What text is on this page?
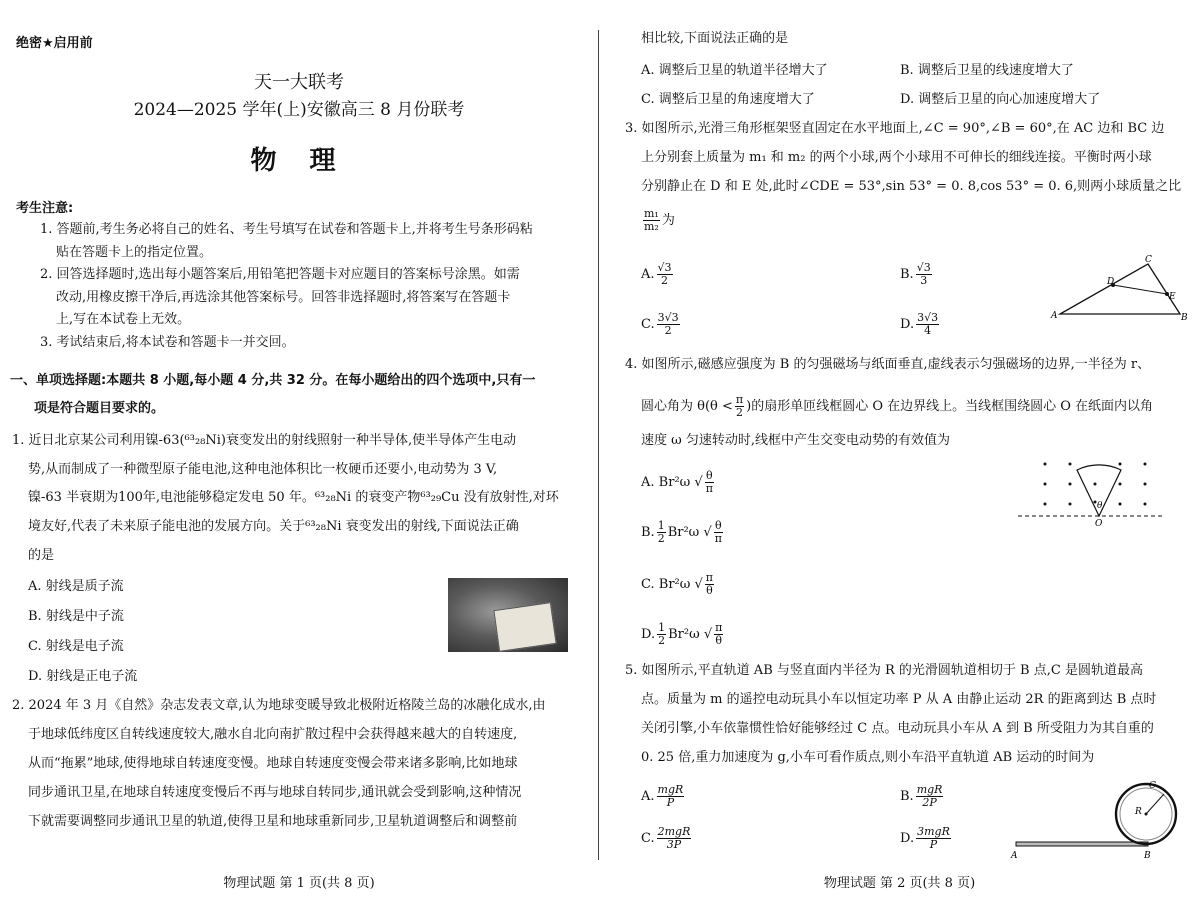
绝密★启用前
天一大联考
2024—2025 学年(上)安徽高三 8 月份联考
物 理
考生注意:
1. 答题前,考生务必将自己的姓名、考生号填写在试卷和答题卡上,并将考生号条形码粘
贴在答题卡上的指定位置。
2. 回答选择题时,选出每小题答案后,用铅笔把答题卡对应题目的答案标号涂黑。如需
改动,用橡皮擦干净后,再选涂其他答案标号。回答非选择题时,将答案写在答题卡
上,写在本试卷上无效。
3. 考试结束后,将本试卷和答题卡一并交回。
一、单项选择题:本题共 8 小题,每小题 4 分,共 32 分。在每小题给出的四个选项中,只有一
项是符合题目要求的。
1. 近日北京某公司利用镍-63(⁶³₂₈Ni)衰变发出的射线照射一种半导体,使半导体产生电动
势,从而制成了一种微型原子能电池,这种电池体积比一枚硬币还要小,电动势为 3 V,
镍-63 半衰期为100年,电池能够稳定发电 50 年。⁶³₂₈Ni 的衰变产物⁶³₂₉Cu 没有放射性,对环
境友好,代表了未来原子能电池的发展方向。关于⁶³₂₈Ni 衰变发出的射线,下面说法正确
的是
A. 射线是质子流
B. 射线是中子流
C. 射线是电子流
D. 射线是正电子流
2. 2024 年 3 月《自然》杂志发表文章,认为地球变暖导致北极附近格陵兰岛的冰融化成水,由
于地球低纬度区自转线速度较大,融水自北向南扩散过程中会获得越来越大的自转速度,
从而“拖累”地球,使得地球自转速度变慢。地球自转速度变慢会带来诸多影响,比如地球
同步通讯卫星,在地球自转速度变慢后不再与地球自转同步,通讯就会受到影响,这种情况
下就需要调整同步通讯卫星的轨道,使得卫星和地球重新同步,卫星轨道调整后和调整前
物理试题 第 1 页(共 8 页)
相比较,下面说法正确的是
A. 调整后卫星的轨道半径增大了	B. 调整后卫星的线速度增大了
C. 调整后卫星的角速度增大了	D. 调整后卫星的向心加速度增大了
3. 如图所示,光滑三角形框架竖直固定在水平地面上,∠C = 90°,∠B = 60°,在 AC 边和 BC 边
上分别套上质量为 m₁ 和 m₂ 的两个小球,两个小球用不可伸长的细线连接。平衡时两小球
分别静止在 D 和 E 处,此时∠CDE = 53°,sin 53° = 0. 8,cos 53° = 0. 6,则两小球质量之比
$\frac{\text{m₁}}{\text{m₂}}$ 为
A. $\frac{√3}{2}$	B. $\frac{√3}{3}$
C. $\frac{3√3}{2}$	D. $\frac{3√3}{4}$
C
D
E
A	B
4. 如图所示,磁感应强度为 B 的匀强磁场与纸面垂直,虚线表示匀强磁场的边界,一半径为 r、
圆心角为 $\theta(\theta < \frac{\pi}{2}$ )的扇形单匝线框圆心 O 在边界线上。当线框围绕圆心 O 在纸面内以角
速度 ω 匀速转动时,线框中产生交变电动势的有效值为
A. Br²ω √ $\frac{\theta}{\pi}$
B. $\frac{1}{2} Br^2\omega$ √ $\frac{\theta}{\pi}$
C. Br²ω √ $\frac{\pi}{\theta}$
D. $\frac{1}{2} Br^2\omega$ √ $\frac{\pi}{\theta}$
θ
O
5. 如图所示,平直轨道 AB 与竖直面内半径为 R 的光滑圆轨道相切于 B 点,C 是圆轨道最高
点。质量为 m 的遥控电动玩具小车以恒定功率 P 从 A 由静止运动 2R 的距离到达 B 点时
关闭引擎,小车依靠惯性恰好能够经过 C 点。电动玩具小车从 A 到 B 所受阻力为其自重的
0. 25 倍,重力加速度为 g,小车可看作质点,则小车沿平直轨道 AB 运动的时间为
A. $\frac{\text{mgR}}{P}$	B. $\frac{\text{mgR}}{2P}$
C. $\frac{\text{2mgR}}{3P}$	D. $\frac{\text{3mgR}}{P}$
C
R
A	B
物理试题 第 2 页(共 8 页)
